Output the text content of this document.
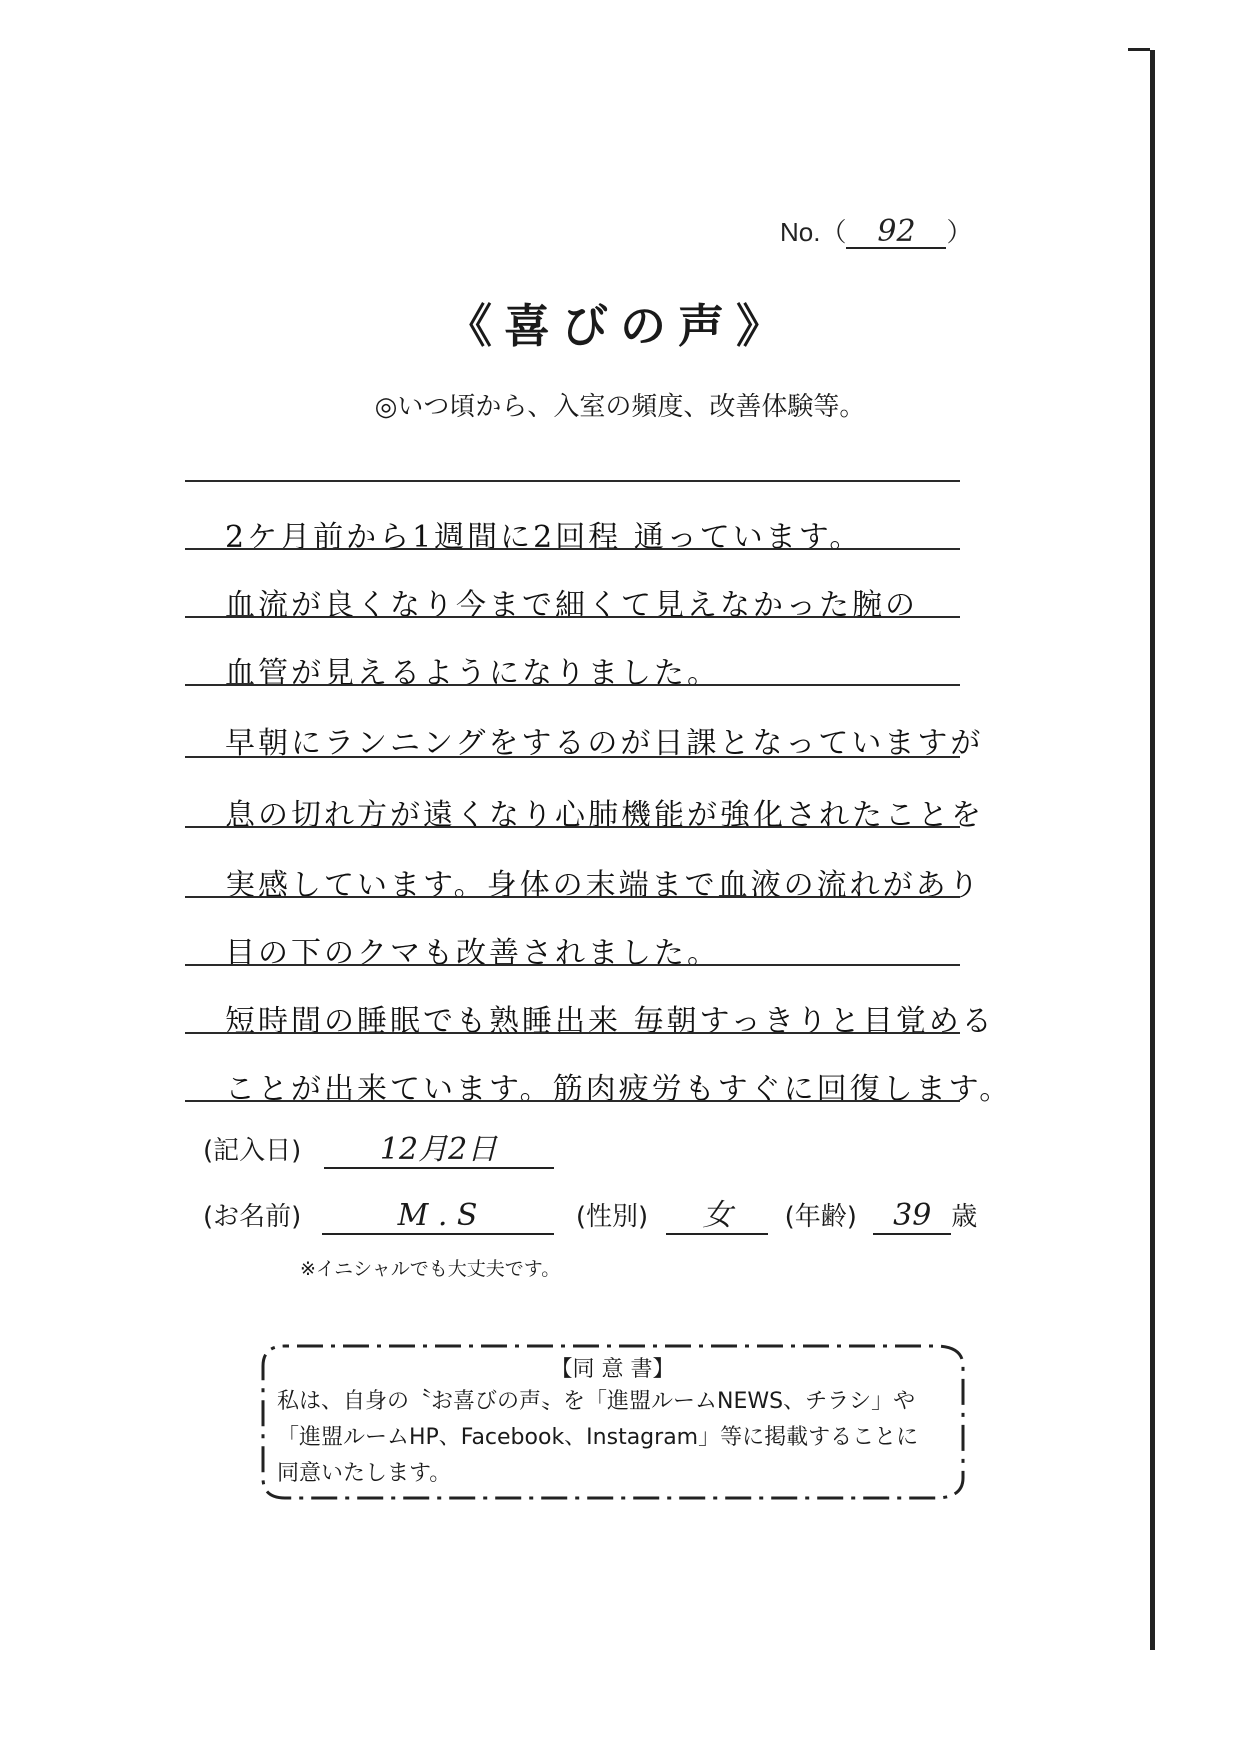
No.（ 92 ）
《喜びの声》
◎いつ頃から、入室の頻度、改善体験等。
2ケ月前から1週間に2回程 通っています。
血流が良くなり今まで細くて見えなかった腕の
血管が見えるようになりました。
早朝にランニングをするのが日課となっていますが
息の切れ方が遠くなり心肺機能が強化されたことを
実感しています。身体の末端まで血液の流れがあり
目の下のクマも改善されました。
短時間の睡眠でも熟睡出来 毎朝すっきりと目覚める
ことが出来ています。筋肉疲労もすぐに回復します。
(記入日)	12月2日
(お名前)	M . S	(性別) 女 (年齢) 39 歳
※イニシャルでも大丈夫です。
【同 意 書】
私は、自身の〝お喜びの声〟を「進盟ルームNEWS、チラシ」や
「進盟ルームHP、Facebook、Instagram」等に掲載することに
同意いたします。
